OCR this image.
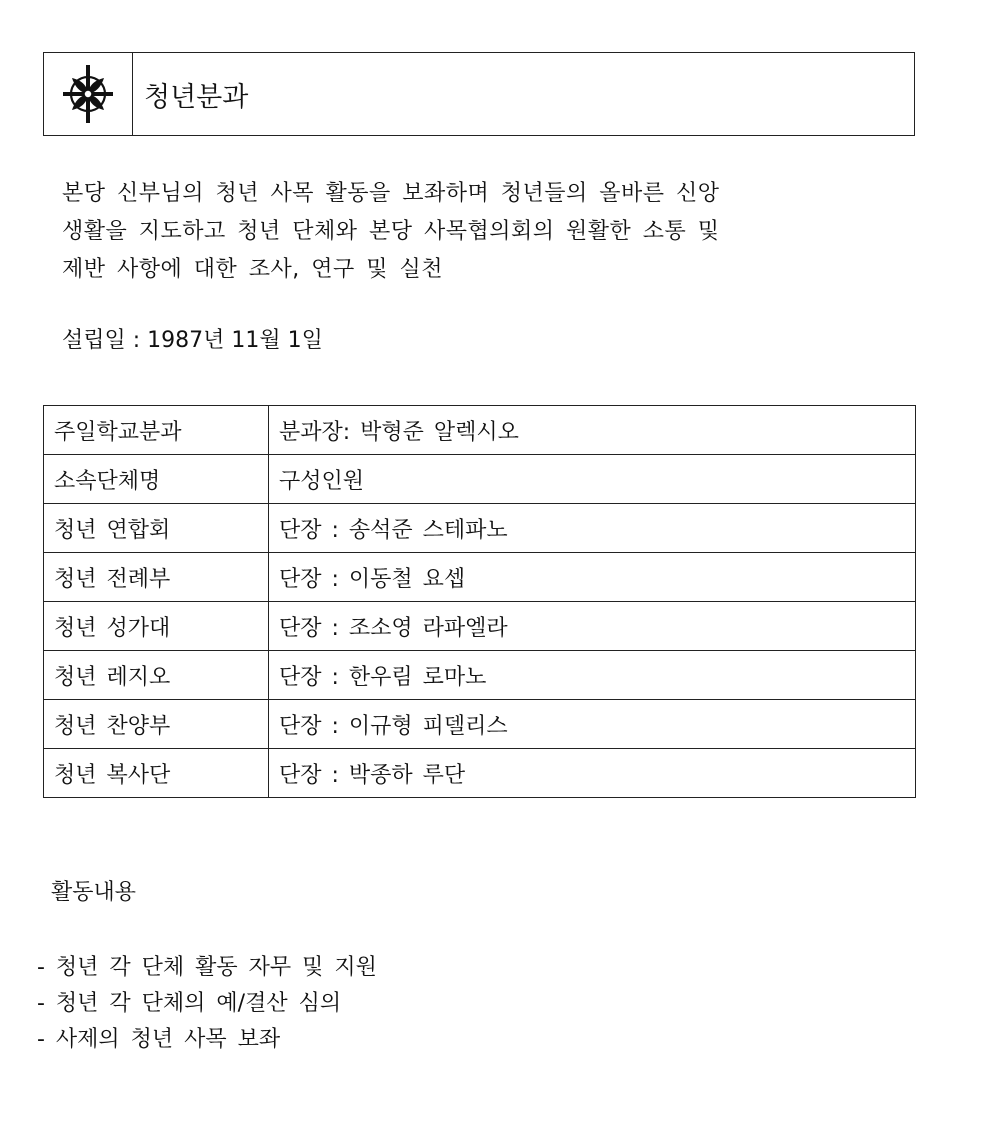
청년분과

본당 신부님의 청년 사목 활동을 보좌하며 청년들의 올바른 신앙

생활을 지도하고 청년 단체와 본당 사목협의회의 원활한 소통 및

제반 사항에 대한 조사, 연구 및 실천

설립일 : 1987년 11월 1일
주일학교분과	분과장: 박형준 알렉시오
소속단체명	구성인원
청년 연합회	단장 : 송석준 스테파노
청년 전례부	단장 : 이동철 요셉
청년 성가대	단장 : 조소영 라파엘라
청년 레지오	단장 : 한우림 로마노
청년 찬양부	단장 : 이규형 피델리스
청년 복사단	단장 : 박종하 루단
활동내용
- 청년 각 단체 활동 자무 및 지원
- 청년 각 단체의 예/결산 심의
- 사제의 청년 사목 보좌
